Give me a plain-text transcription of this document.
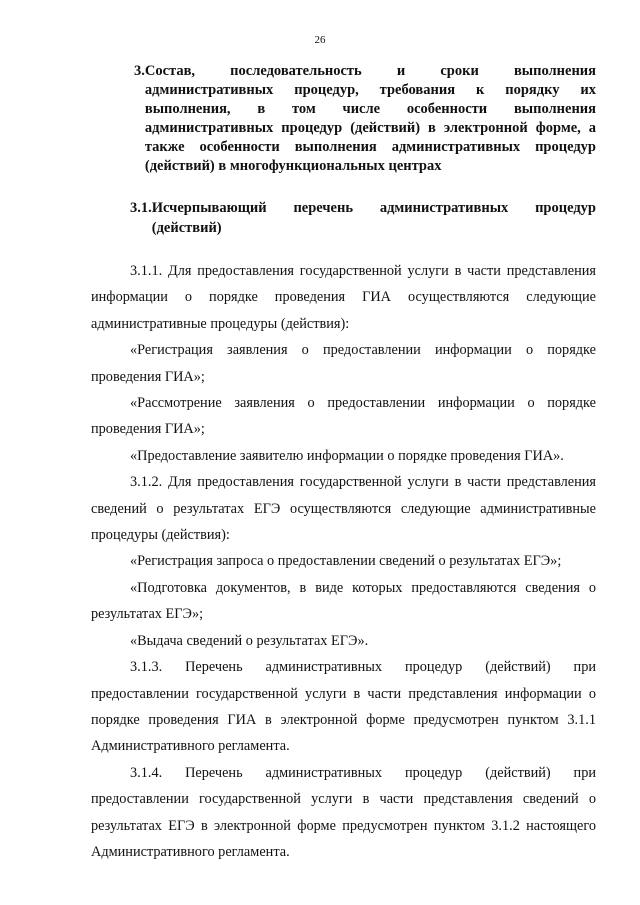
26
3. Состав, последовательность и сроки выполнения административных процедур, требования к порядку их выполнения, в том числе особенности выполнения административных процедур (действий) в электронной форме, а также особенности выполнения административных процедур (действий) в многофункциональных центрах
3.1. Исчерпывающий перечень административных процедур (действий)

3.1.1. Для предоставления государственной услуги в части представления информации о порядке проведения ГИА осуществляются следующие административные процедуры (действия):

«Регистрация заявления о предоставлении информации о порядке проведения ГИА»;

«Рассмотрение заявления о предоставлении информации о порядке проведения ГИА»;

«Предоставление заявителю информации о порядке проведения ГИА».

3.1.2. Для предоставления государственной услуги в части представления сведений о результатах ЕГЭ осуществляются следующие административные процедуры (действия):

«Регистрация запроса о предоставлении сведений о результатах ЕГЭ»;

«Подготовка документов, в виде которых предоставляются сведения о результатах ЕГЭ»;

«Выдача сведений о результатах ЕГЭ».

3.1.3. Перечень административных процедур (действий) при предоставлении государственной услуги в части представления информации о порядке проведения ГИА в электронной форме предусмотрен пунктом 3.1.1 Административного регламента.

3.1.4. Перечень административных процедур (действий) при предоставлении государственной услуги в части представления сведений о результатах ЕГЭ в электронной форме предусмотрен пунктом 3.1.2 настоящего Административного регламента.
